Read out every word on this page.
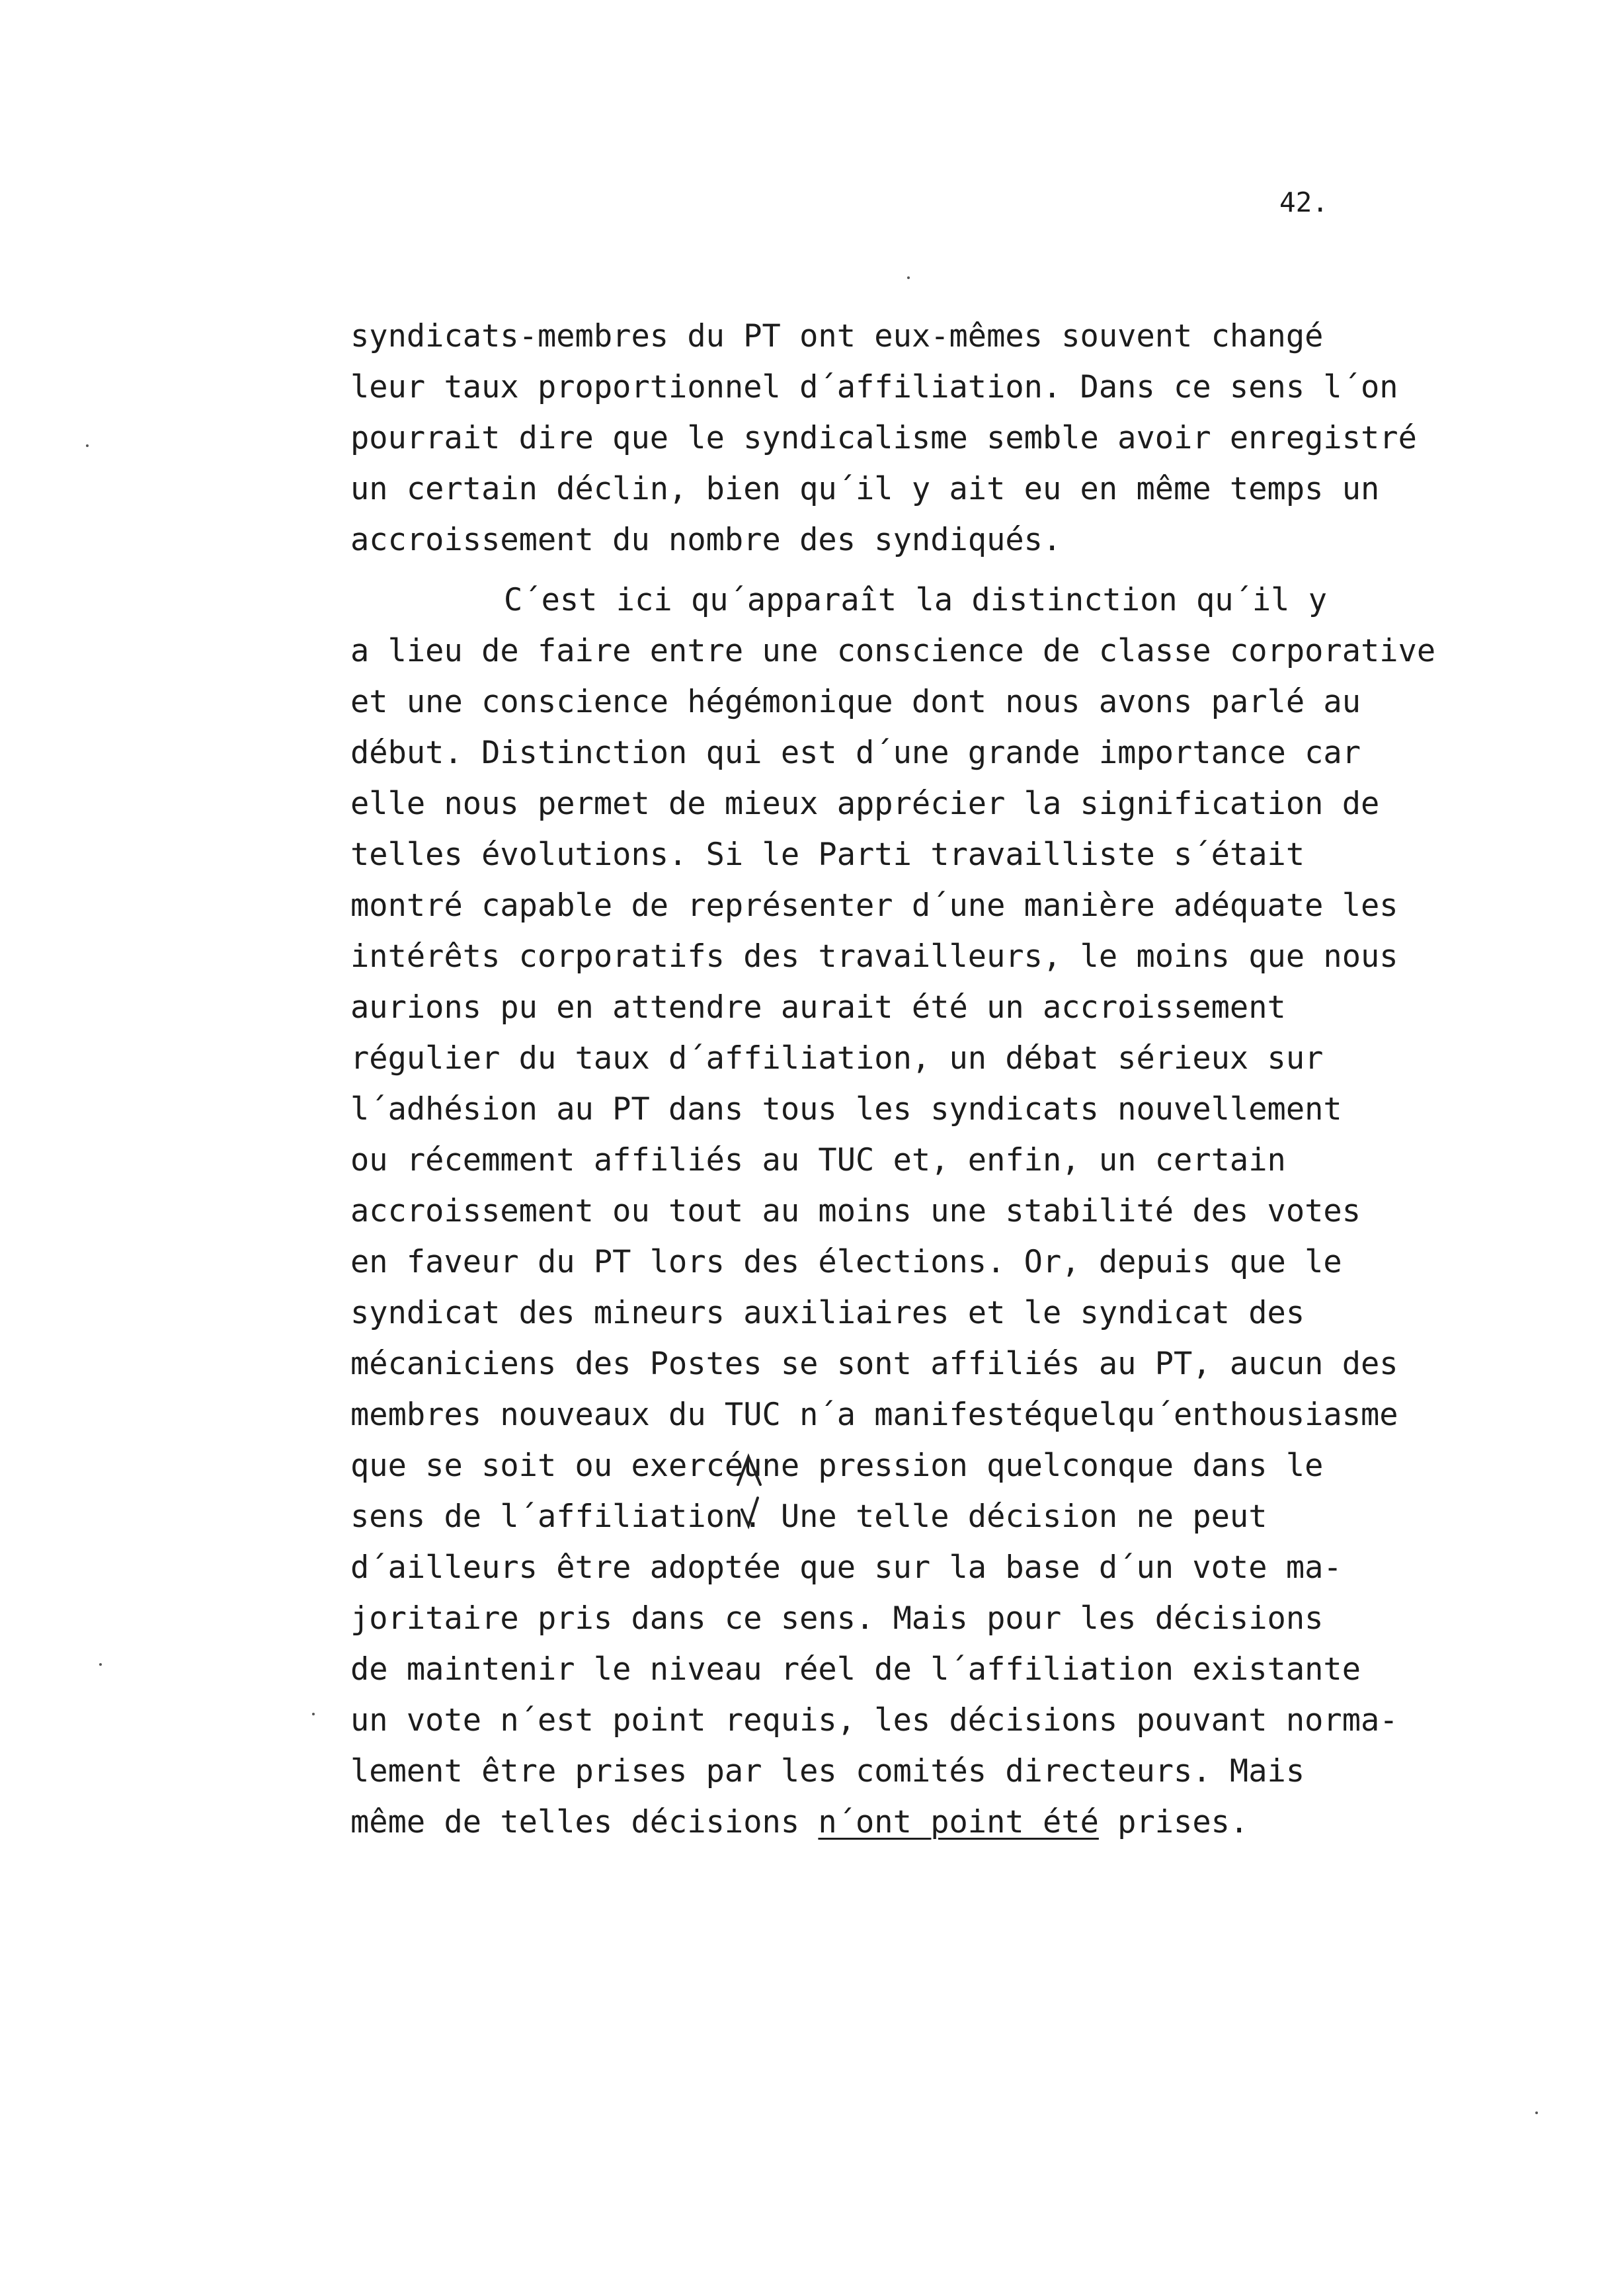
42.
syndicats-membres du PT ont eux-mêmes souvent changé
leur taux proportionnel d´affiliation. Dans ce sens l´on
pourrait dire que le syndicalisme semble avoir enregistré
un certain déclin, bien qu´il y ait eu en même temps un
accroissement du nombre des syndiqués.
C´est ici qu´apparaît la distinction qu´il y
a lieu de faire entre une conscience de classe corporative
et une conscience hégémonique dont nous avons parlé au
début. Distinction qui est d´une grande importance car
elle nous permet de mieux apprécier la signification de
telles évolutions. Si le Parti travailliste s´était
montré capable de représenter d´une manière adéquate les
intérêts corporatifs des travailleurs, le moins que nous
aurions pu en attendre aurait été un accroissement
régulier du taux d´affiliation, un débat sérieux sur
l´adhésion au PT dans tous les syndicats nouvellement
ou récemment affiliés au TUC et, enfin, un certain
accroissement ou tout au moins une stabilité des votes
en faveur du PT lors des élections. Or, depuis que le
syndicat des mineurs auxiliaires et le syndicat des
mécaniciens des Postes se sont affiliés au PT, aucun des
membres nouveaux du TUC n´a manifestéquelqu´enthousiasme
que se soit ou exercéune pression quelconque dans le
sens de l´affiliation. Une telle décision ne peut
d´ailleurs être adoptée que sur la base d´un vote ma-
joritaire pris dans ce sens. Mais pour les décisions
de maintenir le niveau réel de l´affiliation existante
un vote n´est point requis, les décisions pouvant norma-
lement être prises par les comités directeurs. Mais
même de telles décisions n´ont point été prises.
